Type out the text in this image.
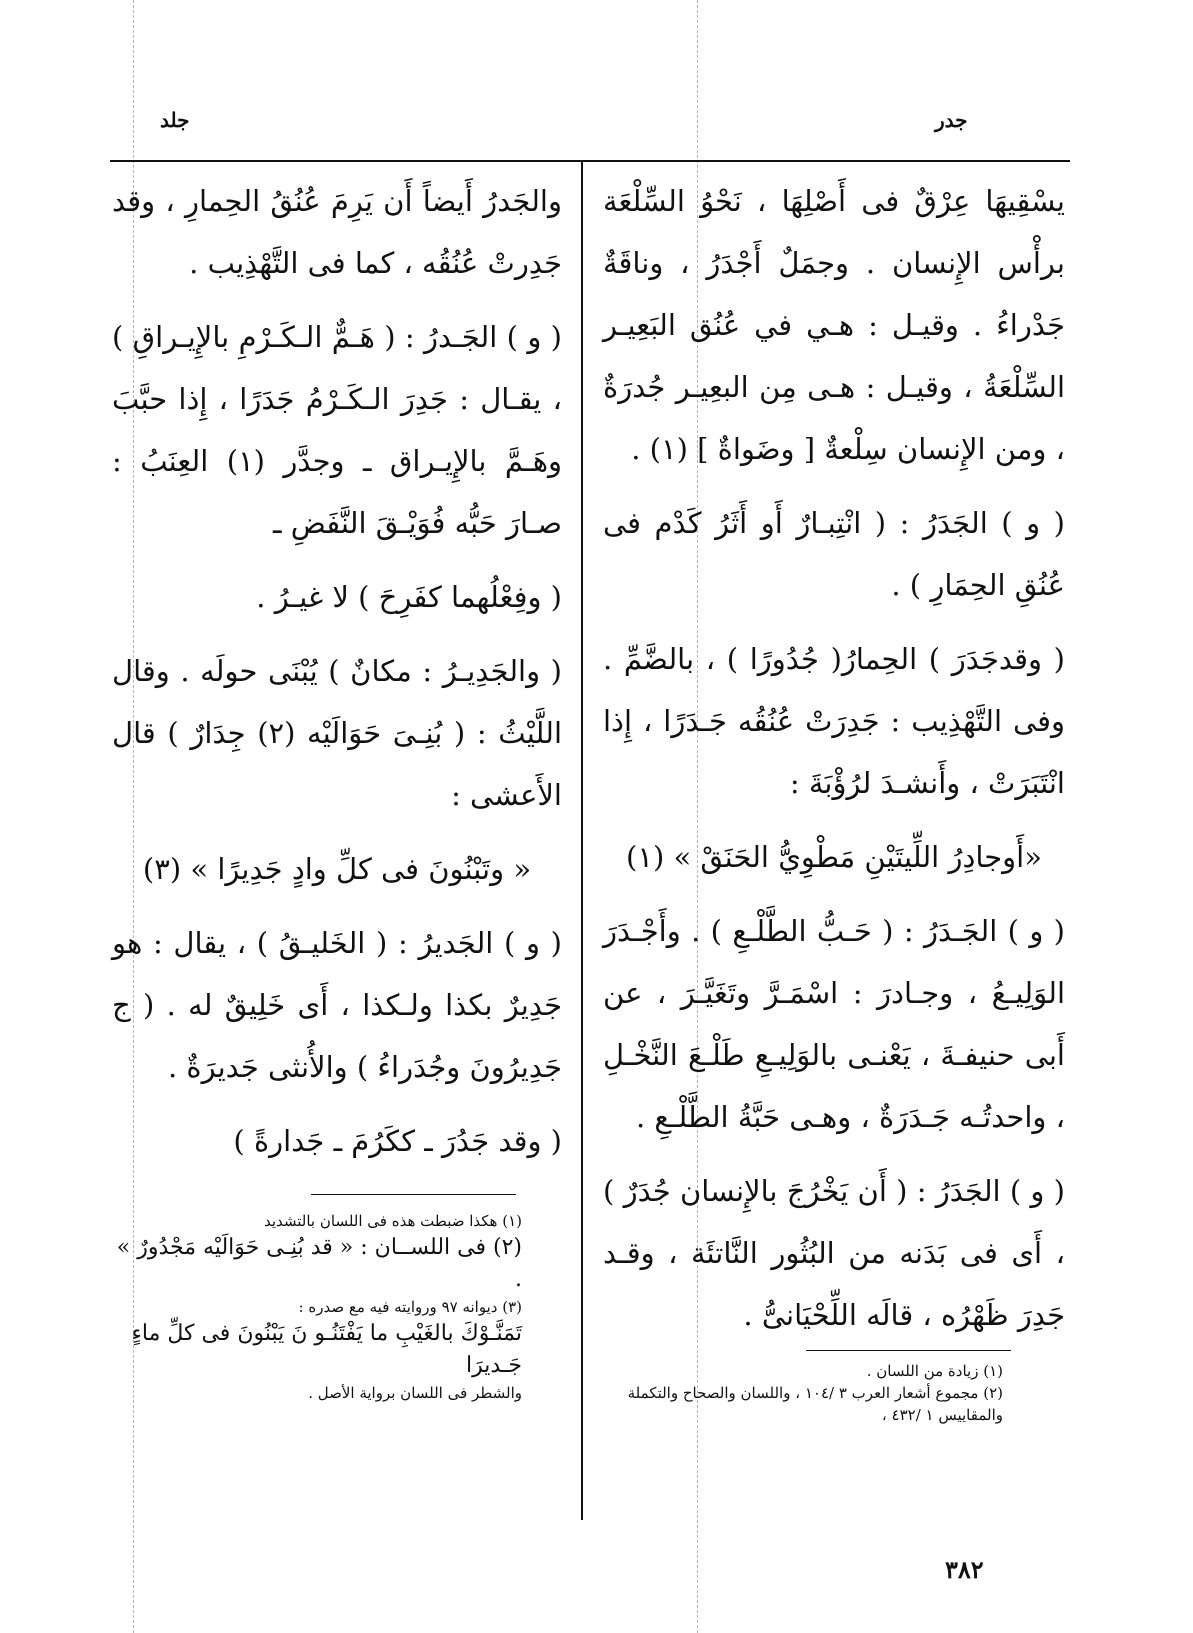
جدر
جلد

يسْقِيهَا عِرْقٌ فى أَصْلِهَا ، نَحْوُ السِّلْعَة برأْس الإِنسان . وجمَلٌ أَجْدَرُ ، وناقَةٌ جَدْراءُ . وقيـل : هـي في عُنُق البَعِيـر السِّلْعَةُ ، وقيـل : هـى مِن البعِيـر جُدرَةٌ ، ومن الإِنسان سِلْعةٌ [ وضَواةٌ ] (١) .

( و ) الجَدَرُ : ( انْتِبـارٌ أَو أَثَرُ كَدْم فى عُنُقِ الحِمَارِ ) .

( وقدجَدَرَ ) الحِمارُ( جُدُورًا ) ، بالضَّمِّ . وفى التَّهْذِيب : جَدِرَتْ عُنُقُه جَـدَرًا ، إِذا انْتَبَرَتْ ، وأَنشـدَ لرُؤْبَةَ :

«أَوجادِرُ اللِّيتَيْنِ مَطْوِيُّ الحَنَقْ » (١)

( و ) الجَـدَرُ : ( حَـبُّ الطَّلْـعِ ) . وأَجْـدَرَ الوَلِيـعُ ، وجـادرَ : اسْمَـرَّ وتَغَيَّـرَ ، عن أَبى حنيفـةَ ، يَعْنـى بالوَلِيـعِ طَلْـعَ النَّخْـلِ ، واحدتُـه جَـدَرَةٌ ، وهـى حَبَّةُ الطَّلْـعِ .

( و ) الجَدَرُ : ( أَن يَخْرُجَ بالإِنسان جُدَرٌ ) ، أَى فى بَدَنه من البُثُور النَّاتئَة ، وقـد جَدِرَ ظَهْرُه ، قالَه اللِّحْيَانىُّ .

والجَدرُ أَيضاً أَن يَرِمَ عُنُقُ الحِمارِ ، وقد جَدِرتْ عُنُقُه ، كما فى التَّهْذِيب .

( و ) الجَـدرُ : ( هَـمٌّ الـكَـرْمِ بالإِيـراقِ ) ، يقـال : جَدِرَ الـكَـرْمُ جَدَرًا ، إِذا حبَّبَ وهَـمَّ بالإِيـراق ـ وجدَّر (١) العِنَبُ : صـارَ حَبُّه فُوَيْـقَ النَّفَضِ ـ

( وفِعْلُهما كفَرِحَ ) لا غيـرُ .

( والجَدِيـرُ : مكانٌ ) يُبْنَى حولَه . وقال اللَّيْثُ : ( بُنِـىَ حَوَالَيْه (٢) جِدَارٌ ) قال الأَعشى :

« وتَبْنُونَ فى كلِّ وادٍ جَدِيرًا » (٣)

( و ) الجَديرُ : ( الخَليـقُ ) ، يقال : هو جَدِيرٌ بكذا ولـكذا ، أَى خَلِيقٌ له . ( ج جَدِيرُونَ وجُدَراءُ ) والأُنثى جَديرَةٌ .

( وقد جَدُرَ ـ ككَرُمَ ـ جَدارةً )

(١) هكذا ضبطت هذه فى اللسان بالتشديد

(٢) فى اللســان : « قد بُنِـى حَوَالَيْه مَجْدُورٌ » .

(٣) ديوانه ٩٧ وروايته فيه مع صدره :

تَمَنَّـوْكَ بالغَيْبِ ما يَفْتَنُـو نَ يَبْنُونَ فى كلِّ ماءٍ جَـديرَا

والشطر فى اللسان برواية الأصل .

(١) زيادة من اللسان .

(٢) مجموع أشعار العرب ٣ /١٠٤ ، واللسان والصحاح والتكملة والمقاييس ١ /٤٣٢ ،

٣٨٢
